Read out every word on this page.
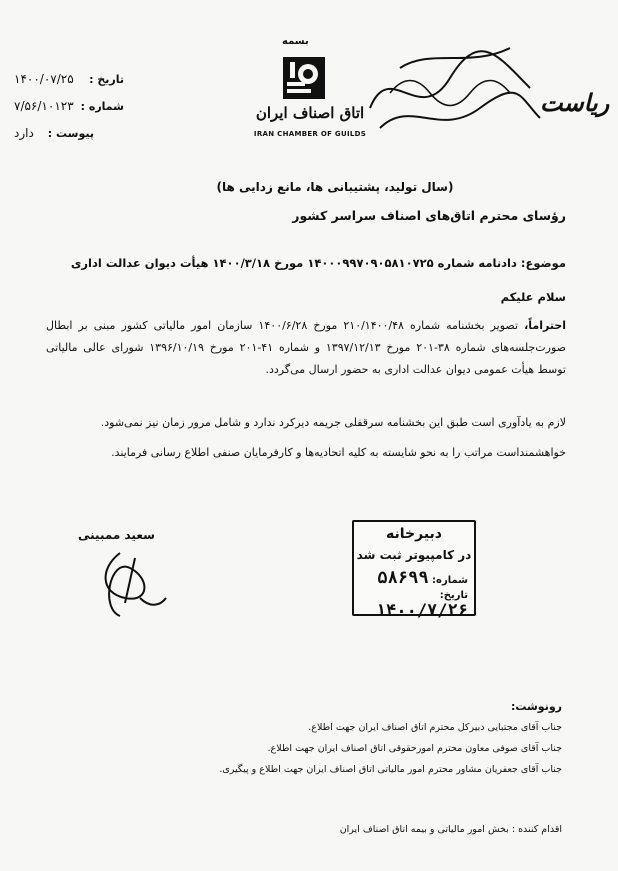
بسمه
اتاق اصناف ایران
IRAN CHAMBER OF GUILDS
ریاست
تاریخ :
۱۴۰۰/۰۷/۲۵
شماره :
۷/۵۶/۱۰۱۲۳
پیوست :
دارد
(سال تولید، پشتیبانی ها، مانع زدایی ها)
رؤسای محترم اتاق‌های اصناف سراسر کشور
موضوع: دادنامه شماره ۱۴۰۰۰۹۹۷۰۹۰۵۸۱۰۷۲۵ مورخ ۱۴۰۰/۳/۱۸ هیأت دیوان عدالت اداری
سلام علیکم
احتراماً، تصویر بخشنامه شماره ۲۱۰/۱۴۰۰/۴۸ مورخ ۱۴۰۰/۶/۲۸ سازمان امور مالیاتی کشور مبنی بر ابطال صورت‌جلسه‌های شماره ۳۸-۲۰۱ مورخ ۱۳۹۷/۱۲/۱۳ و شماره ۴۱-۲۰۱ مورخ ۱۳۹۶/۱۰/۱۹ شورای عالی مالیاتی توسط هیأت عمومی دیوان عدالت اداری به حضور ارسال می‌گردد.
لازم به یادآوری است طبق این بخشنامه سرقفلی جریمه دیرکرد ندارد و شامل مرور زمان نیز نمی‌شود.
خواهشمنداست مراتب را به نحو شایسته به کلیه اتحادیه‌ها و کارفرمایان صنفی اطلاع رسانی فرمایند.
سعید ممبینی	دبیرخانه
در کامپیوتر ثبت شد
شماره: ۵۸۶۹۹
تاریخ: ۱۴۰۰/۷/۲۶
رونوشت:
جناب آقای مجتبایی دبیرکل محترم اتاق اصناف ایران جهت اطلاع.
جناب آقای صوفی معاون محترم امورحقوقی اتاق اصناف ایران جهت اطلاع.
جناب آقای جعفریان مشاور محترم امور مالیاتی اتاق اصناف ایران جهت اطلاع و پیگیری.
اقدام کننده : بخش امور مالیاتی و بیمه اتاق اصناف ایران
